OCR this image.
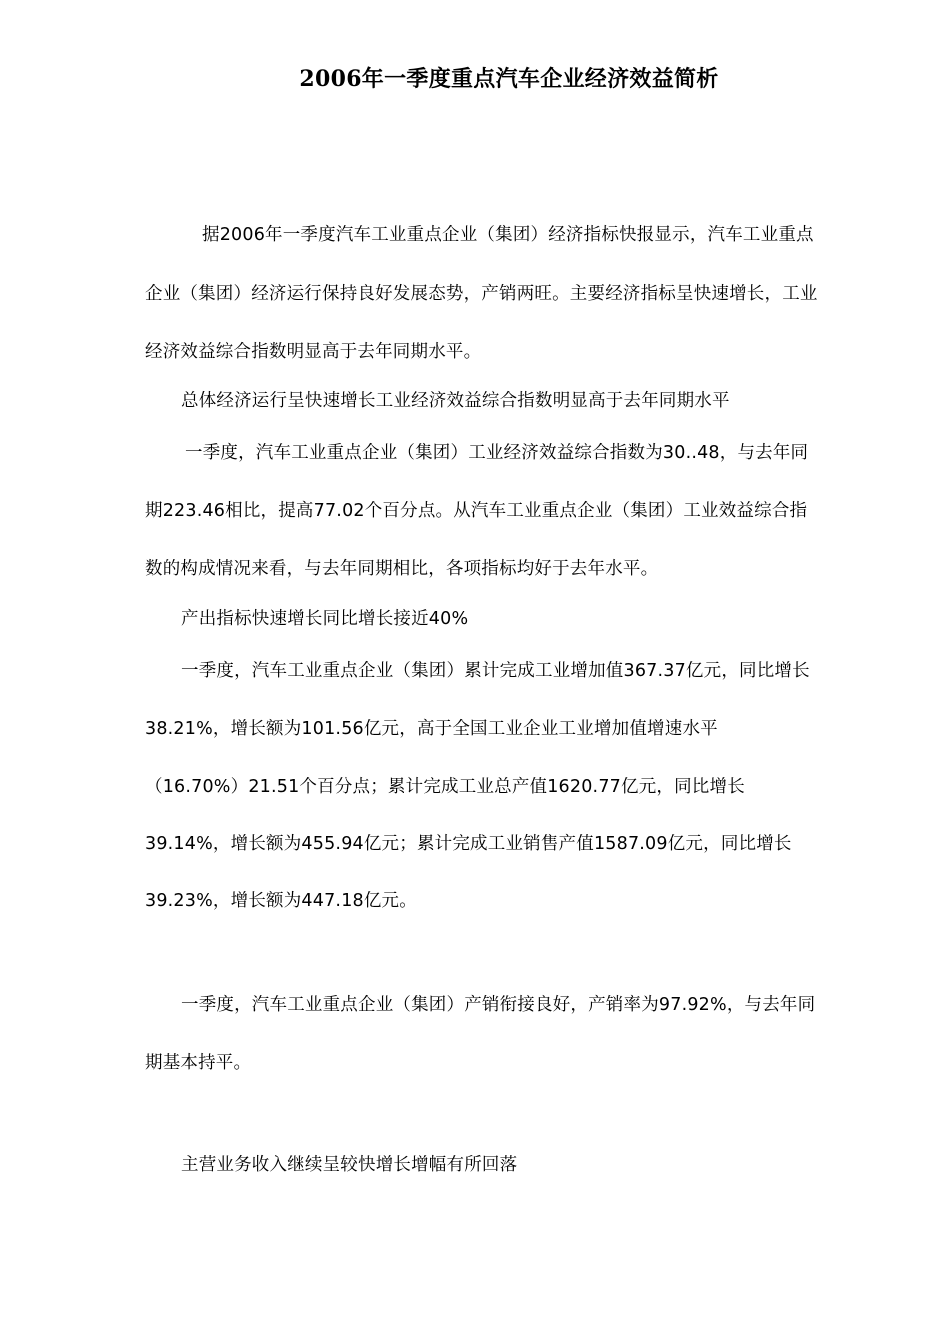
2006年一季度重点汽车企业经济效益简析
据2006年一季度汽车工业重点企业（集团）经济指标快报显示，汽车工业重点
企业（集团）经济运行保持良好发展态势，产销两旺。主要经济指标呈快速增长，工业
经济效益综合指数明显高于去年同期水平。
总体经济运行呈快速增长工业经济效益综合指数明显高于去年同期水平
一季度，汽车工业重点企业（集团）工业经济效益综合指数为30..48，与去年同
期223.46相比，提高77.02个百分点。从汽车工业重点企业（集团）工业效益综合指
数的构成情况来看，与去年同期相比，各项指标均好于去年水平。
产出指标快速增长同比增长接近40%
一季度，汽车工业重点企业（集团）累计完成工业增加值367.37亿元，同比增长
38.21%，增长额为101.56亿元，高于全国工业企业工业增加值增速水平
（16.70%）21.51个百分点；累计完成工业总产值1620.77亿元，同比增长
39.14%，增长额为455.94亿元；累计完成工业销售产值1587.09亿元，同比增长
39.23%，增长额为447.18亿元。
一季度，汽车工业重点企业（集团）产销衔接良好，产销率为97.92%，与去年同
期基本持平。
主营业务收入继续呈较快增长增幅有所回落
